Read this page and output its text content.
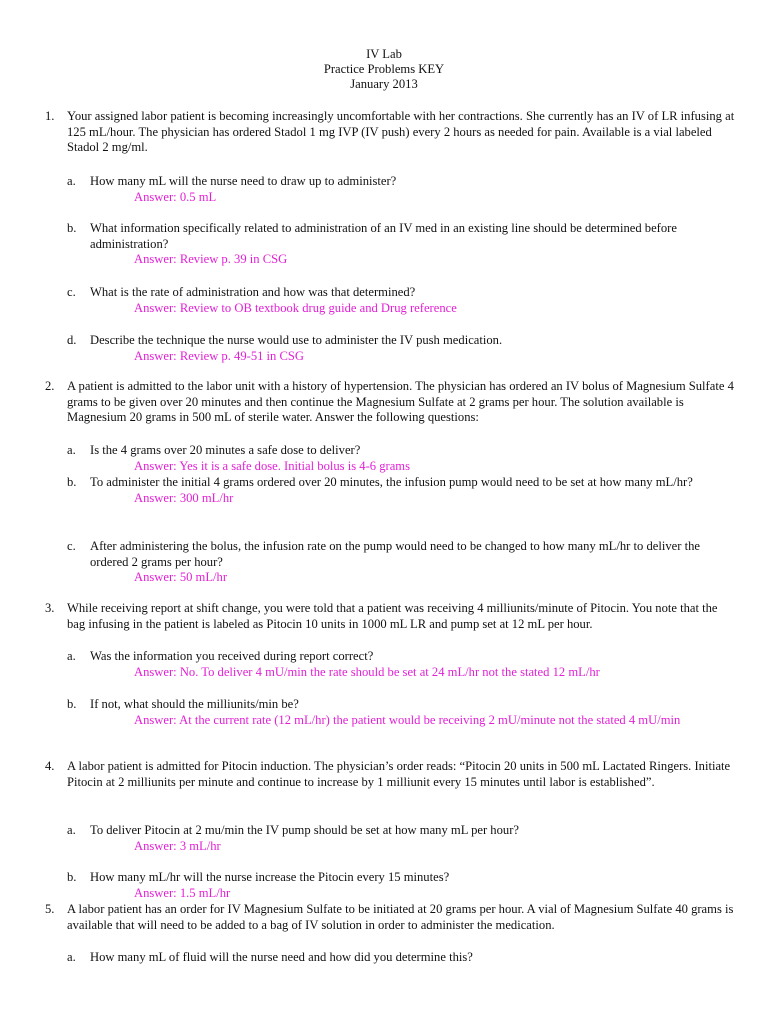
IV Lab
Practice Problems KEY
January 2013
1. Your assigned labor patient is becoming increasingly uncomfortable with her contractions. She currently has an IV of LR infusing at 125 mL/hour. The physician has ordered Stadol 1 mg IVP (IV push) every 2 hours as needed for pain. Available is a vial labeled Stadol 2 mg/ml.
a. How many mL will the nurse need to draw up to administer?
Answer: 0.5 mL
b. What information specifically related to administration of an IV med in an existing line should be determined before administration?
Answer: Review p. 39 in CSG
c. What is the rate of administration and how was that determined?
Answer: Review to OB textbook drug guide and Drug reference
d. Describe the technique the nurse would use to administer the IV push medication.
Answer: Review p. 49-51 in CSG
2. A patient is admitted to the labor unit with a history of hypertension. The physician has ordered an IV bolus of Magnesium Sulfate 4 grams to be given over 20 minutes and then continue the Magnesium Sulfate at 2 grams per hour. The solution available is Magnesium 20 grams in 500 mL of sterile water. Answer the following questions:
a. Is the 4 grams over 20 minutes a safe dose to deliver?
Answer: Yes it is a safe dose. Initial bolus is 4-6 grams
b. To administer the initial 4 grams ordered over 20 minutes, the infusion pump would need to be set at how many mL/hr?
Answer: 300 mL/hr
c. After administering the bolus, the infusion rate on the pump would need to be changed to how many mL/hr to deliver the ordered 2 grams per hour?
Answer: 50 mL/hr
3. While receiving report at shift change, you were told that a patient was receiving 4 milliunits/minute of Pitocin. You note that the bag infusing in the patient is labeled as Pitocin 10 units in 1000 mL LR and pump set at 12 mL per hour.
a. Was the information you received during report correct?
Answer: No. To deliver 4 mU/min the rate should be set at 24 mL/hr not the stated 12 mL/hr
b. If not, what should the milliunits/min be?
Answer: At the current rate (12 mL/hr) the patient would be receiving 2 mU/minute not the stated 4 mU/min
4. A labor patient is admitted for Pitocin induction. The physician’s order reads: “Pitocin 20 units in 500 mL Lactated Ringers. Initiate Pitocin at 2 milliunits per minute and continue to increase by 1 milliunit every 15 minutes until labor is established”.
a. To deliver Pitocin at 2 mu/min the IV pump should be set at how many mL per hour?
Answer: 3 mL/hr
b. How many mL/hr will the nurse increase the Pitocin every 15 minutes?
Answer: 1.5 mL/hr
5. A labor patient has an order for IV Magnesium Sulfate to be initiated at 20 grams per hour. A vial of Magnesium Sulfate 40 grams is available that will need to be added to a bag of IV solution in order to administer the medication.
a. How many mL of fluid will the nurse need and how did you determine this?
